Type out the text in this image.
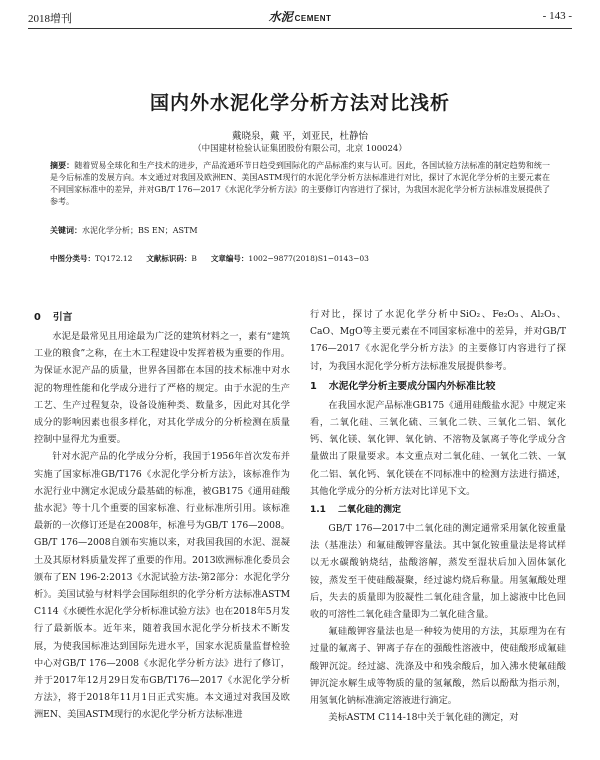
2018增刊	水泥 CEMENT	- 143 -
国内外水泥化学分析方法对比浅析
戴晓泉，戴 平，刘亚民，杜静怡
（中国建材检验认证集团股份有限公司，北京 100024）
摘要：随着贸易全球化和生产技术的进步，产品流通环节日趋受到国际化的产品标准约束与认可。因此，各国试验方法标准的制定趋势和统一是今后标准的发展方向。本文通过对我国及欧洲EN、美国ASTM现行的水泥化学分析方法标准进行对比，探讨了水泥化学分析的主要元素在不同国家标准中的差异，并对GB/T 176—2017《水泥化学分析方法》的主要修订内容进行了探讨，为我国水泥化学分析方法标准发展提供了参考。
关键词：水泥化学分析；BS EN；ASTM
中图分类号：TQ172.12 文献标识码：B 文章编号：1002−9877(2018)S1−0143−03
0 引言

水泥是最常见且用途最为广泛的建筑材料之一，素有“建筑工业的粮食”之称，在土木工程建设中发挥着极为重要的作用。为保证水泥产品的质量，世界各国都在本国的技术标准中对水泥的物理性能和化学成分进行了严格的规定。由于水泥的生产工艺、生产过程复杂，设备设施种类、数量多，因此对其化学成分的影响因素也很多样化，对其化学成分的分析检测在质量控制中显得尤为重要。

针对水泥产品的化学成分分析，我国于1956年首次发布并实施了国家标准GB/T176《水泥化学分析方法》，该标准作为水泥行业中测定水泥成分最基础的标准，被GB175《通用硅酸盐水泥》等十几个重要的国家标准、行业标准所引用。该标准最新的一次修订还是在2008年，标准号为GB/T 176—2008。GB/T 176—2008自颁布实施以来，对我国我国的水泥、混凝土及其原材料质量发挥了重要的作用。2013欧洲标准化委员会颁布了EN 196-2:2013《水泥试验方法-第2部分：水泥化学分析》。美国试验与材料学会国际组织的化学分析方法标准ASTM C114《水硬性水泥化学分析标准试验方法》也在2018年5月发行了最新版本。近年来，随着我国水泥化学分析技术不断发展，为使我国标准达到国际先进水平，国家水泥质量监督检验中心对GB/T 176—2008《水泥化学分析方法》进行了修订，并于2017年12月29日发布GB/T176—2017《水泥化学分析方法》，将于2018年11月1日正式实施。本文通过对我国及欧洲EN、美国ASTM现行的水泥化学分析方法标准进

行对比，探讨了水泥化学分析中SiO₂、Fe₂O₃、Al₂O₃、CaO、MgO等主要元素在不同国家标准中的差异，并对GB/T 176—2017《水泥化学分析方法》的主要修订内容进行了探讨，为我国水泥化学分析方法标准发展提供参考。

1 水泥化学分析主要成分国内外标准比较

在我国水泥产品标准GB175《通用硅酸盐水泥》中规定来看，二氧化硅、三氧化硫、三氧化二铁、三氧化二铝、氧化钙、氧化镁、氧化钾、氧化钠、不溶物及氯离子等化学成分含量做出了限量要求。本文重点对二氧化硅、一氧化二铁、一氧化二铝、氧化钙、氧化镁在不同标准中的检测方法进行描述，其他化学成分的分析方法对比详见下文。

1.1 二氧化硅的测定

GB/T 176—2017中二氧化硅的测定通常采用氯化铵重量法（基准法）和氟硅酸钾容量法。其中氯化铵重量法是将试样以无水碳酸钠烧结，盐酸溶解，蒸发至湿状后加入固体氯化铵，蒸发至干使硅酸凝聚，经过滤灼烧后称量。用氢氟酸处理后，失去的质量即为胶凝性二氧化硅含量，加上滤液中比色回收的可溶性二氧化硅含量即为二氧化硅含量。

氟硅酸钾容量法也是一种较为使用的方法，其原理为在有过量的氟离子、钾离子存在的强酸性溶液中，使硅酸形成氟硅酸钾沉淀。经过滤、洗涤及中和残余酸后，加入沸水使氟硅酸钾沉淀水解生成等物质的量的氢氟酸，然后以酚酞为指示剂，用氢氧化钠标准滴定溶液进行滴定。

美标ASTM C114-18中关于氧化硅的测定，对
